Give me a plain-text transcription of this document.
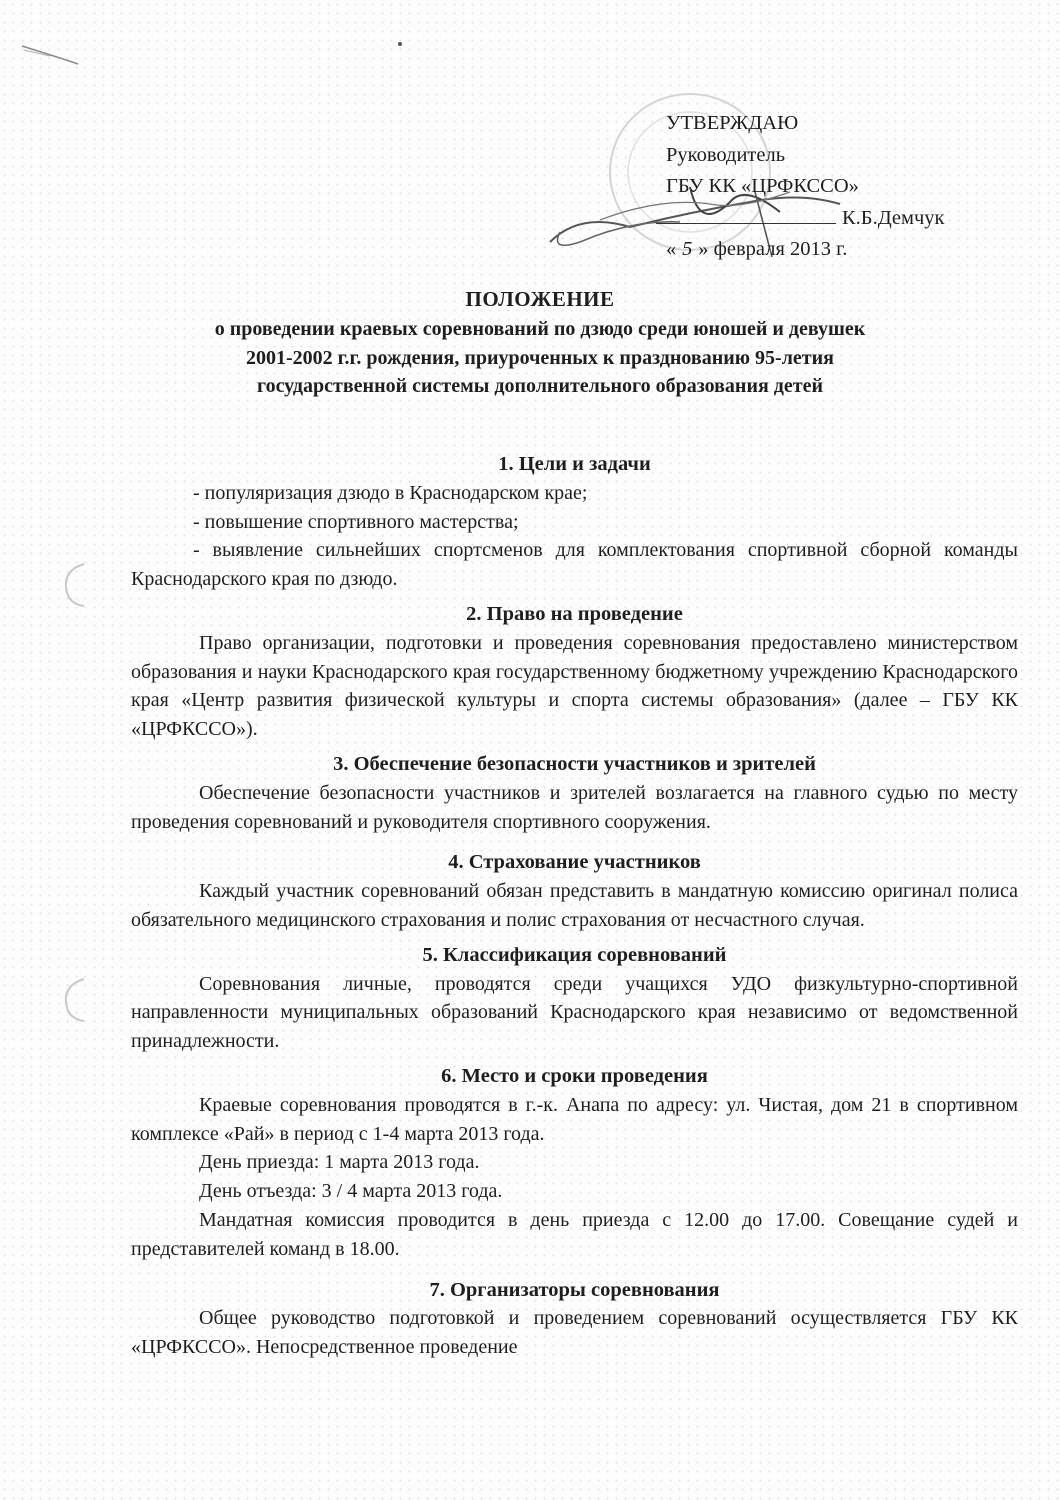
УТВЕРЖДАЮ
Руководитель
ГБУ КК «ЦРФКССО»
К.Б.Демчук
« 5 » февраля 2013 г.
ПОЛОЖЕНИЕ
о проведении краевых соревнований по дзюдо среди юношей и девушек
2001-2002 г.г. рождения, приуроченных к празднованию 95-летия
государственной системы дополнительного образования детей
1. Цели и задачи
- популяризация дзюдо в Краснодарском крае;
- повышение спортивного мастерства;
- выявление сильнейших спортсменов для комплектования спортивной сборной команды Краснодарского края по дзюдо.
2. Право на проведение
Право организации, подготовки и проведения соревнования предоставлено министерством образования и науки Краснодарского края государственному бюджетному учреждению Краснодарского края «Центр развития физической культуры и спорта системы образования» (далее – ГБУ КК «ЦРФКССО»).
3. Обеспечение безопасности участников и зрителей
Обеспечение безопасности участников и зрителей возлагается на главного судью по месту проведения соревнований и руководителя спортивного сооружения.
4. Страхование участников
Каждый участник соревнований обязан представить в мандатную комиссию оригинал полиса обязательного медицинского страхования и полис страхования от несчастного случая.
5. Классификация соревнований
Соревнования личные, проводятся среди учащихся УДО физкультурно-спортивной направленности муниципальных образований Краснодарского края независимо от ведомственной принадлежности.
6. Место и сроки проведения
Краевые соревнования проводятся в г.-к. Анапа по адресу: ул. Чистая, дом 21 в спортивном комплексе «Рай» в период с 1-4 марта 2013 года.
День приезда: 1 марта 2013 года.
День отъезда: 3 / 4 марта 2013 года.
Мандатная комиссия проводится в день приезда с 12.00 до 17.00. Совещание судей и представителей команд в 18.00.
7. Организаторы соревнования
Общее руководство подготовкой и проведением соревнований осуществляется ГБУ КК «ЦРФКССО». Непосредственное проведение
